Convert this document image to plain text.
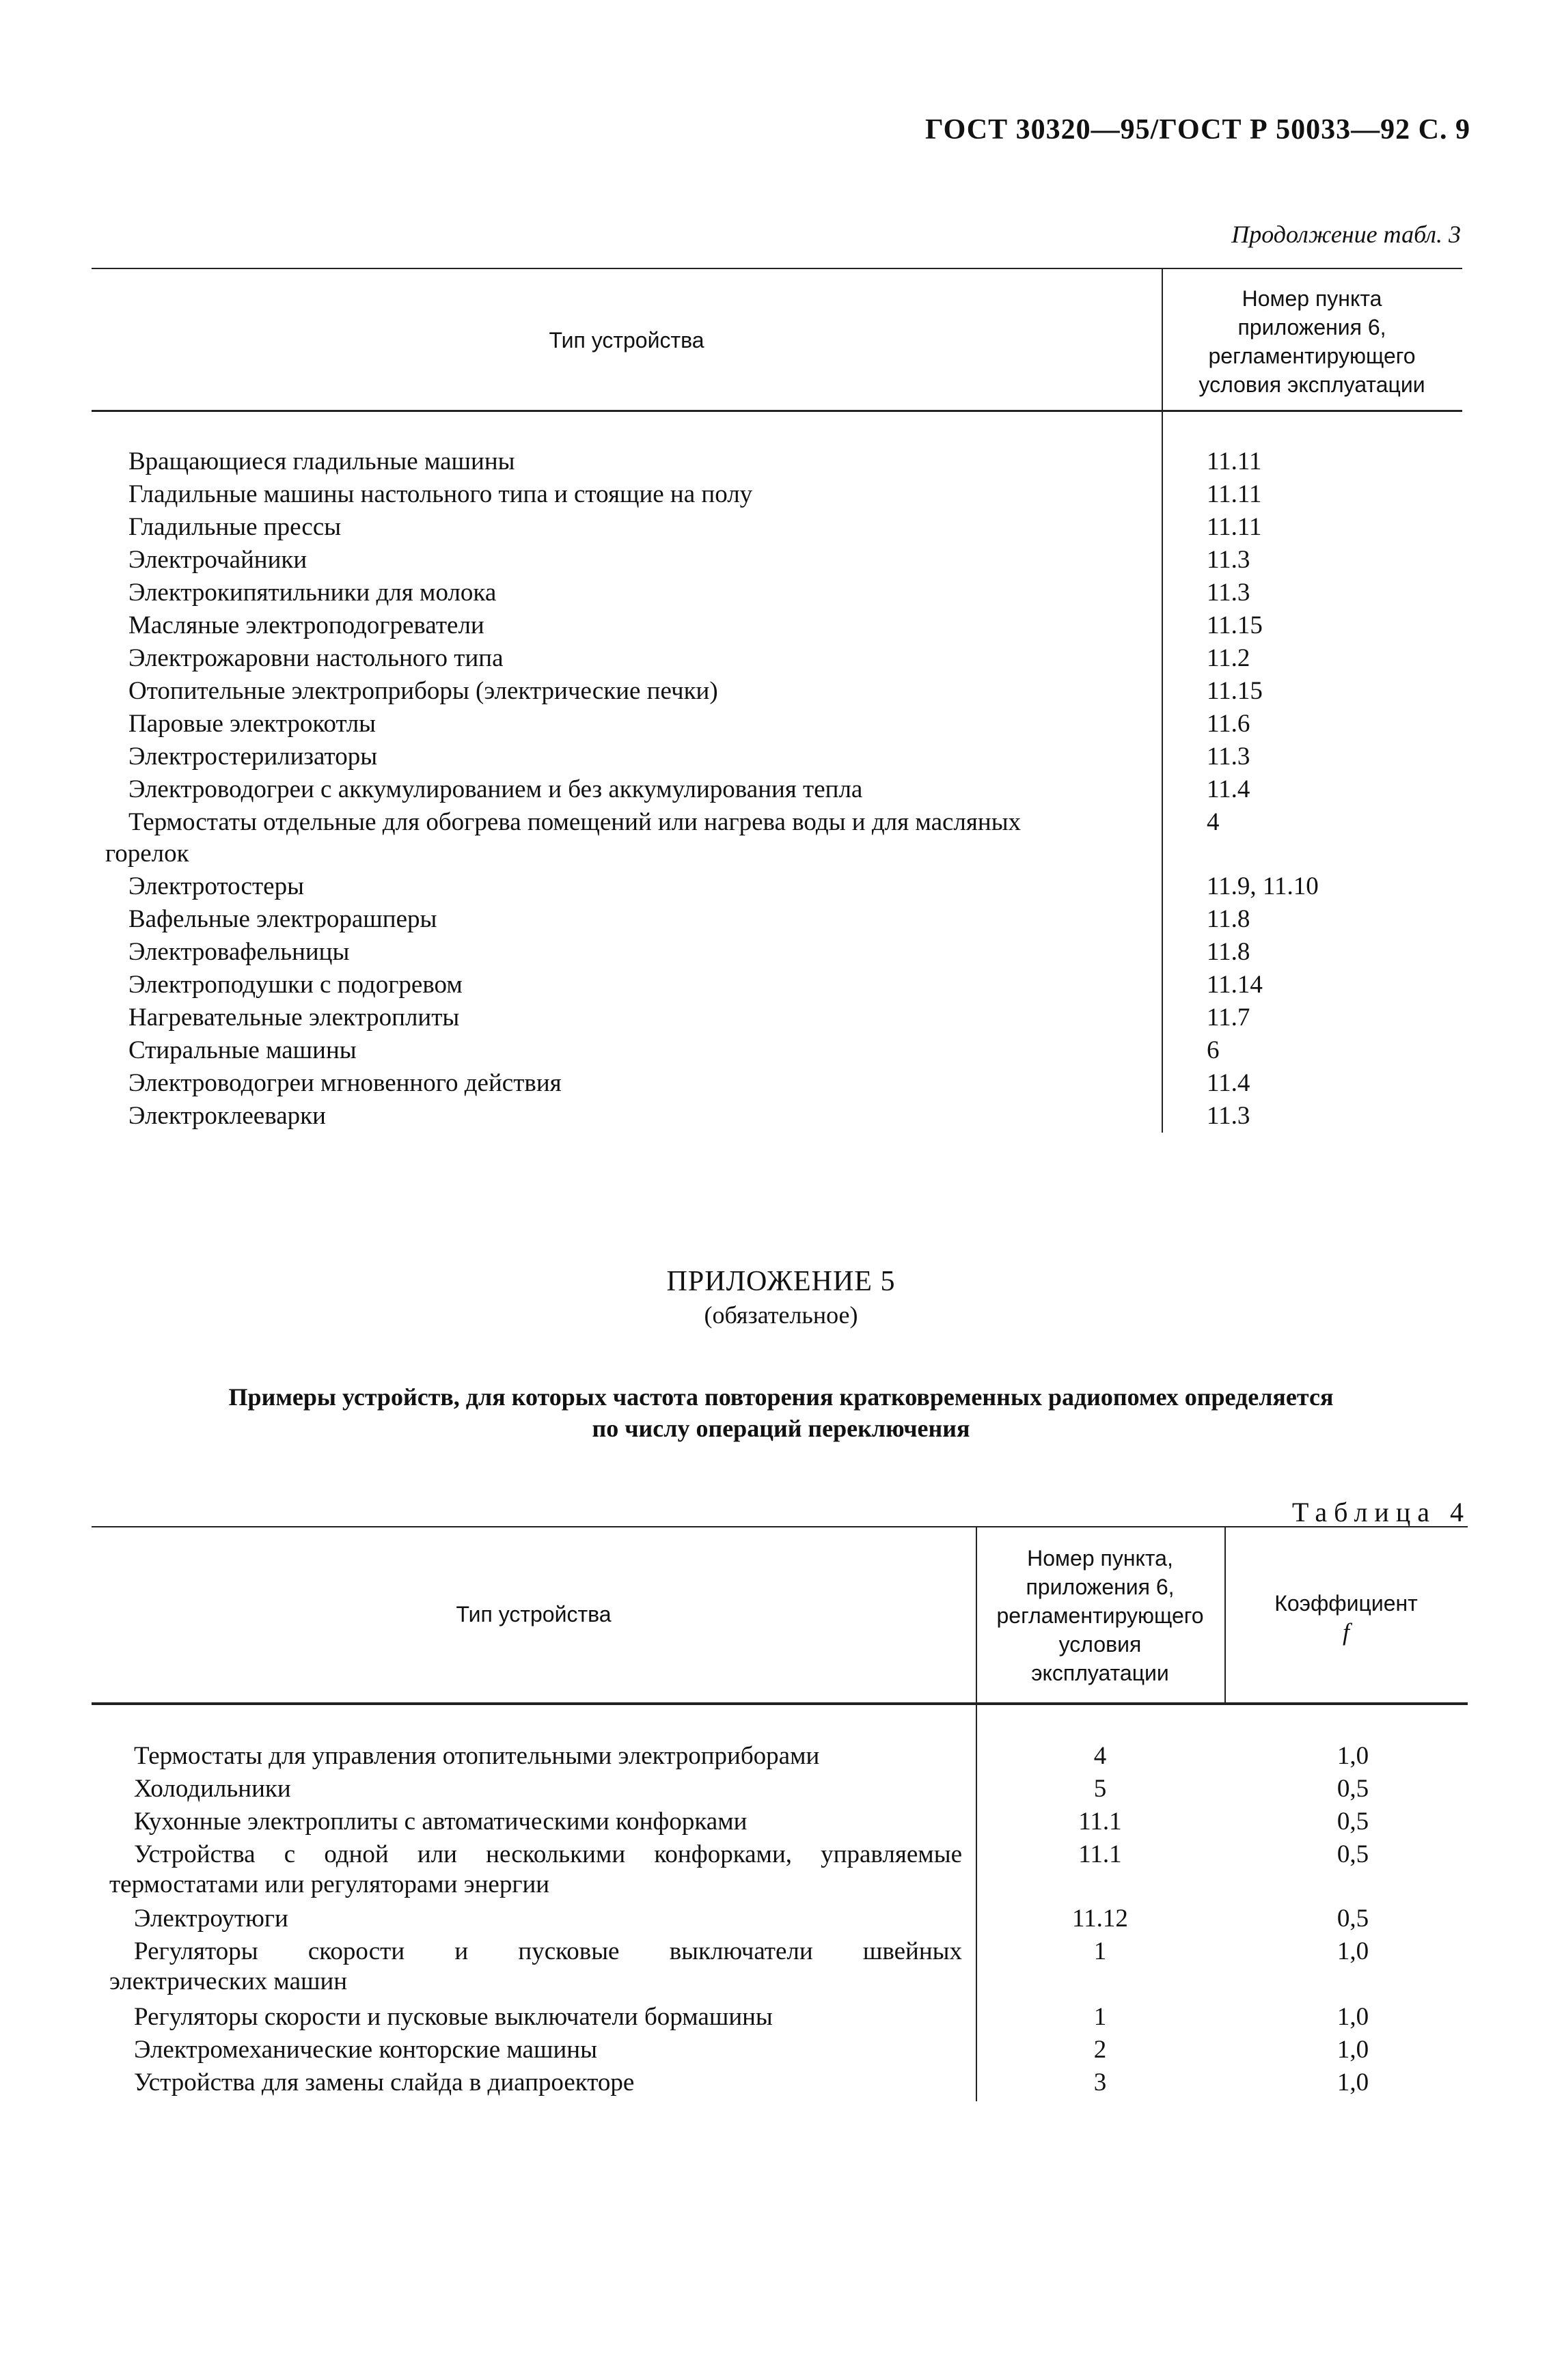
ГОСТ 30320—95/ГОСТ Р 50033—92 С. 9
Продолжение табл. 3
Тип устройства
Номер пункта
приложения 6,
регламентирующего
условия эксплуатации
Вращающиеся гладильные машины	11.11
Гладильные машины настольного типа и стоящие на полу	11.11
Гладильные прессы	11.11
Электрочайники	11.3
Электрокипятильники для молока	11.3
Масляные электроподогреватели	11.15
Электрожаровни настольного типа	11.2
Отопительные электроприборы (электрические печки)	11.15
Паровые электрокотлы	11.6
Электростерилизаторы	11.3
Электроводогреи с аккумулированием и без аккумулирования тепла	11.4
Термостаты отдельные для обогрева помещений или нагрева воды и для масляных	4
горелок
Электротостеры	11.9, 11.10
Вафельные электрорашперы	11.8
Электровафельницы	11.8
Электроподушки с подогревом	11.14
Нагревательные электроплиты	11.7
Стиральные машины	6
Электроводогреи мгновенного действия	11.4
Электроклееварки	11.3
ПРИЛОЖЕНИЕ 5
(обязательное)
Примеры устройств, для которых частота повторения кратковременных радиопомех определяется
по числу операций переключения
Таблица 4
Тип устройства
Номер пункта,
приложения 6,
регламентирующего
условия
эксплуатации
Коэффициент
f
Термостаты для управления отопительными электроприборами	4	1,0
Холодильники	5	0,5
Кухонные электроплиты с автоматическими конфорками	11.1	0,5
Устройства с одной или несколькими конфорками, управляемые	11.1	0,5
термостатами или регуляторами энергии
Электроутюги	11.12	0,5
Регуляторы скорости и пусковые выключатели швейных	1	1,0
электрических машин
Регуляторы скорости и пусковые выключатели бормашины	1	1,0
Электромеханические конторские машины	2	1,0
Устройства для замены слайда в диапроекторе	3	1,0
